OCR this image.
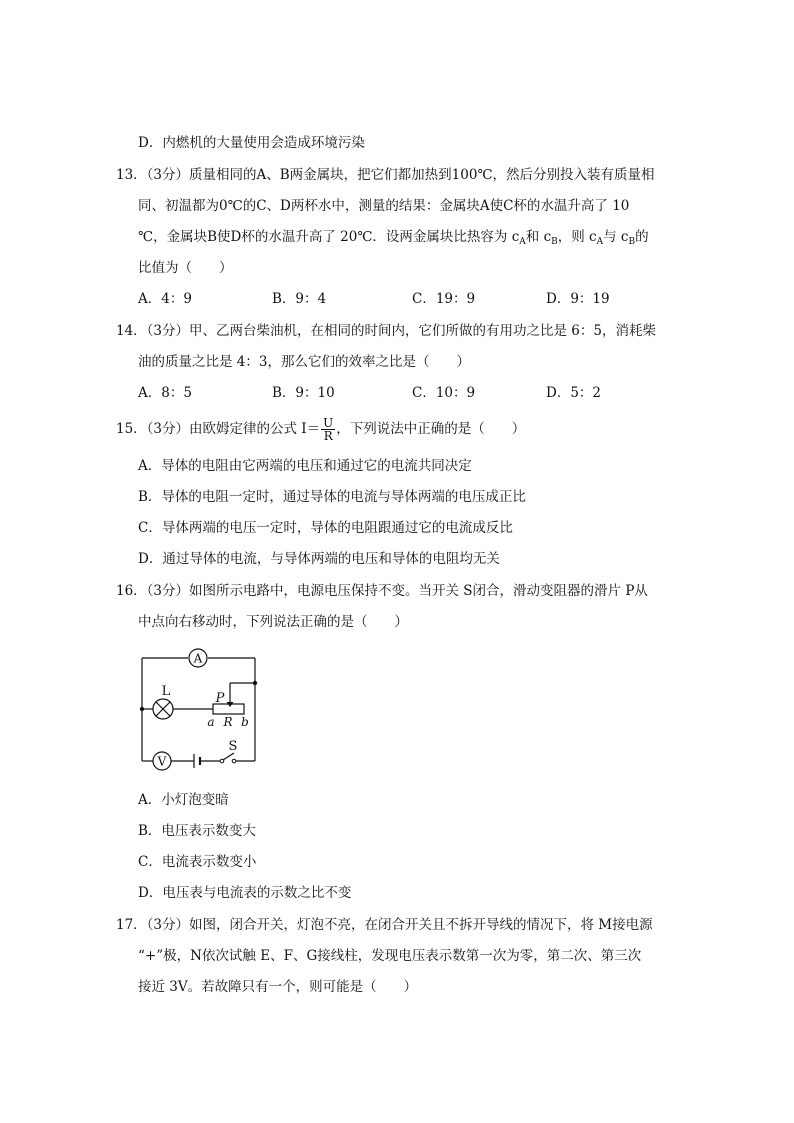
D．内燃机的大量使用会造成环境污染
13．（3分）质量相同的A、B两金属块，把它们都加热到100℃，然后分别投入装有质量相
同、初温都为0℃的C、D两杯水中，测量的结果：金属块A使C杯的水温升高了 10
℃，金属块B使D杯的水温升高了 20℃．设两金属块比热容为 $c_A$和 $c_B$，则 $c_A$与 $c_B$的
比值为（　　）
A．4：9	B．9：4	C．19：9	D．9：19
14．（3分）甲、乙两台柴油机，在相同的时间内，它们所做的有用功之比是 6：5，消耗柴
油的质量之比是 4：3，那么它们的效率之比是（　　）
A．8：5	B．9：10	C．10：9	D．5：2
15．（3分）由欧姆定律的公式 $I= \frac{U}{R}$ ，下列说法中正确的是（　　）
A．导体的电阻由它两端的电压和通过它的电流共同决定
B．导体的电阻一定时，通过导体的电流与导体两端的电压成正比
C．导体两端的电压一定时，导体的电阻跟通过它的电流成反比
D．通过导体的电流，与导体两端的电压和导体的电阻均无关
16．（3分）如图所示电路中，电源电压保持不变。当开关 S闭合，滑动变阻器的滑片 P从
中点向右移动时，下列说法正确的是（　　）
A
L	P
a R b
V
S
A．小灯泡变暗
B．电压表示数变大
C．电流表示数变小
D．电压表与电流表的示数之比不变
17．（3分）如图，闭合开关，灯泡不亮，在闭合开关且不拆开导线的情况下，将 M接电源
“+”极，N依次试触 E、F、G接线柱，发现电压表示数第一次为零，第二次、第三次
接近 3V。若故障只有一个，则可能是（　　）
